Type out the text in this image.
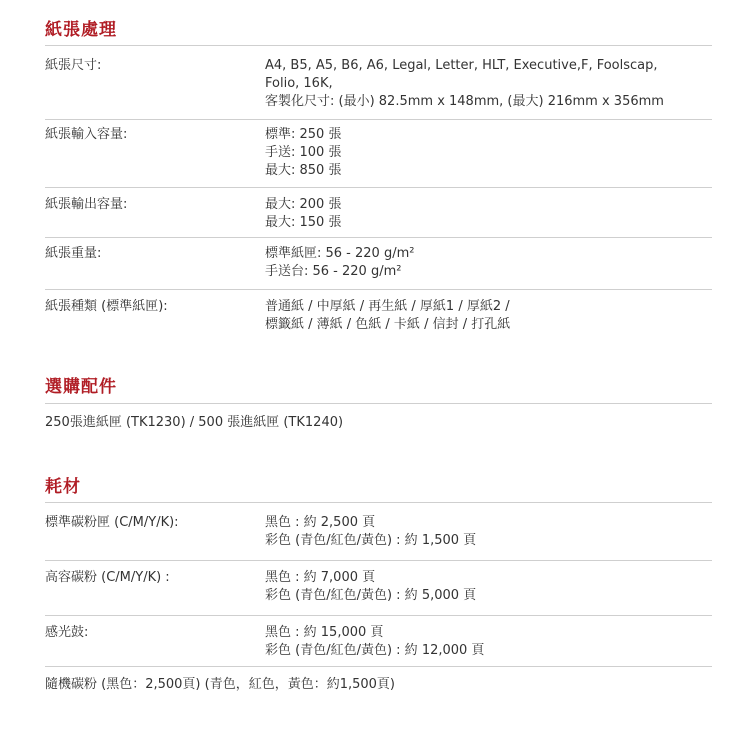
紙張處理
紙張尺寸:	A4, B5, A5, B6, A6, Legal, Letter, HLT, Executive,F, Foolscap,
Folio, 16K,
客製化尺寸: (最小) 82.5mm x 148mm, (最大) 216mm x 356mm
紙張輸入容量:	標準: 250 張
手送: 100 張
最大: 850 張
紙張輸出容量:	最大: 200 張
最大: 150 張
紙張重量:	標準紙匣: 56 - 220 g/m²
手送台: 56 - 220 g/m²
紙張種類 (標準紙匣):	普通紙 / 中厚紙 / 再生紙 / 厚紙1 / 厚紙2 /
標籤紙 / 薄紙 / 色紙 / 卡紙 / 信封 / 打孔紙
選購配件
250張進紙匣 (TK1230) / 500 張進紙匣 (TK1240)
耗材
標準碳粉匣 (C/M/Y/K):	黑色 : 約 2,500 頁
彩色 (青色/紅色/黃色) : 約 1,500 頁
高容碳粉 (C/M/Y/K) :	黑色 : 約 7,000 頁
彩色 (青色/紅色/黃色) : 約 5,000 頁
感光鼓:	黑色 : 約 15,000 頁
彩色 (青色/紅色/黃色) : 約 12,000 頁
隨機碳粉 (黑色：2,500頁) (青色，紅色，黃色：約1,500頁)
